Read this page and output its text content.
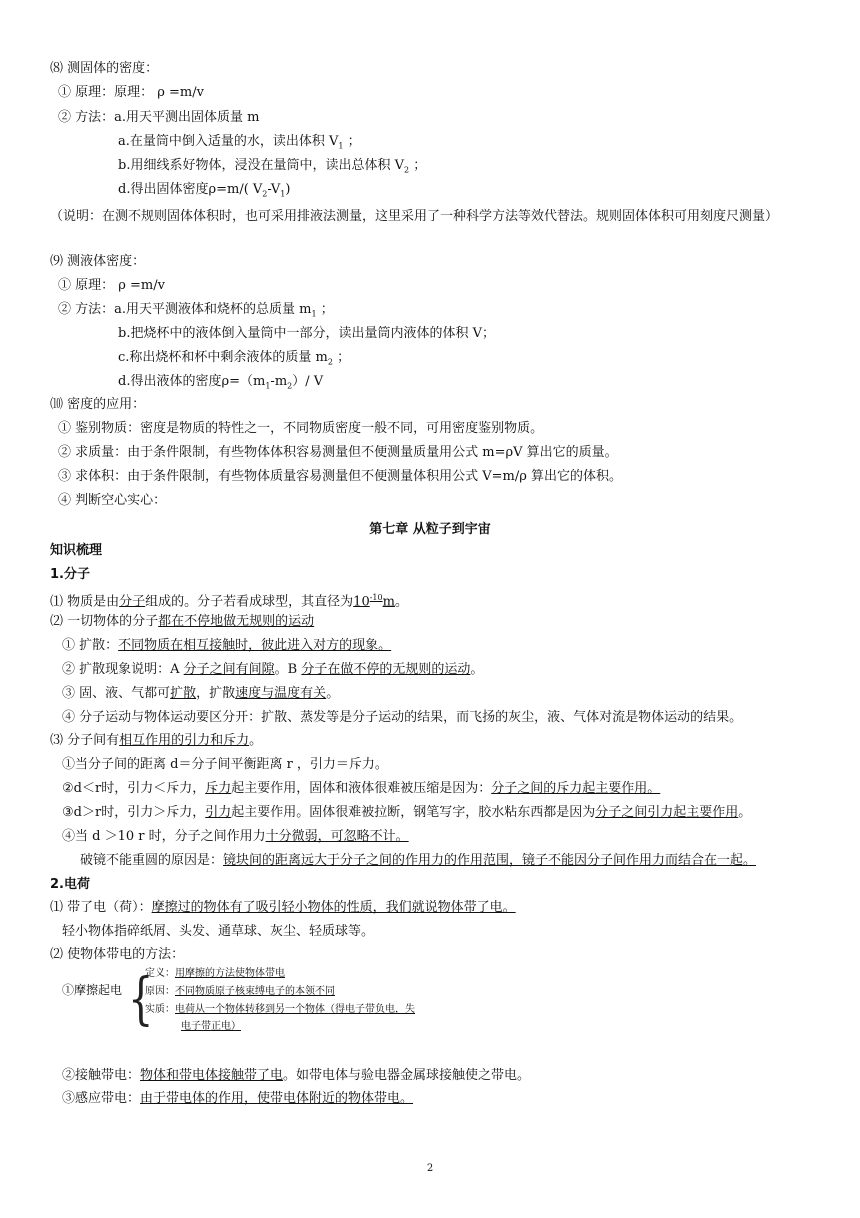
⑻ 测固体的密度：
① 原理：原理： ρ =m/v
② 方法：a.用天平测出固体质量 m
a.在量筒中倒入适量的水，读出体积 $V_1$ ；
b.用细线系好物体，浸没在量筒中，读出总体积 $V_2$ ；
d.得出固体密度ρ=m/( $V_2-V_1$)
（说明：在测不规则固体体积时，也可采用排液法测量，这里采用了一种科学方法等效代替法。规则固体体积可用刻度尺测量）
⑼ 测液体密度：
① 原理： ρ =m/v
② 方法：a.用天平测液体和烧杯的总质量 $m_1$ ；
b.把烧杯中的液体倒入量筒中一部分，读出量筒内液体的体积 V；
c.称出烧杯和杯中剩余液体的质量 $m_2$ ；
d.得出液体的密度$\rho=(m_1-m_2)/$ V
⑽ 密度的应用：
① 鉴别物质：密度是物质的特性之一，不同物质密度一般不同，可用密度鉴别物质。
② 求质量：由于条件限制，有些物体体积容易测量但不便测量质量用公式 m=ρV 算出它的质量。
③ 求体积：由于条件限制，有些物体质量容易测量但不便测量体积用公式 V=m/ρ 算出它的体积。
④ 判断空心实心：
第七章 从粒子到宇宙
知识梳理
1.分子
⑴ 物质是由分子组成的。分子若看成球型，其直径为$10^{-10}m$。
⑵ 一切物体的分子都在不停地做无规则的运动
① 扩散：不同物质在相互接触时，彼此进入对方的现象。
② 扩散现象说明：A 分子之间有间隙。B 分子在做不停的无规则的运动。
③ 固、液、气都可扩散，扩散速度与温度有关。
④ 分子运动与物体运动要区分开：扩散、蒸发等是分子运动的结果，而飞扬的灰尘，液、气体对流是物体运动的结果。
⑶ 分子间有相互作用的引力和斥力。
①当分子间的距离 d＝分子间平衡距离 r ，引力＝斥力。
②d＜r时，引力＜斥力，斥力起主要作用，固体和液体很难被压缩是因为：分子之间的斥力起主要作用。
③d＞r时，引力＞斥力，引力起主要作用。固体很难被拉断，钢笔写字，胶水粘东西都是因为分子之间引力起主要作用。
④当 d ＞10 r 时，分子之间作用力十分微弱，可忽略不计。
破镜不能重圆的原因是：镜块间的距离远大于分子之间的作用力的作用范围，镜子不能因分子间作用力而结合在一起。
2.电荷
⑴ 带了电（荷）：摩擦过的物体有了吸引轻小物体的性质，我们就说物体带了电。
轻小物体指碎纸屑、头发、通草球、灰尘、轻质球等。
⑵ 使物体带电的方法：
①摩擦起电 {
定义：用摩擦的方法使物体带电
原因：不同物质原子核束缚电子的本领不同
实质：电荷从一个物体转移到另一个物体（得电子带负电，失
电子带正电）
②接触带电：物体和带电体接触带了电。如带电体与验电器金属球接触使之带电。
③感应带电：由于带电体的作用，使带电体附近的物体带电。
2
